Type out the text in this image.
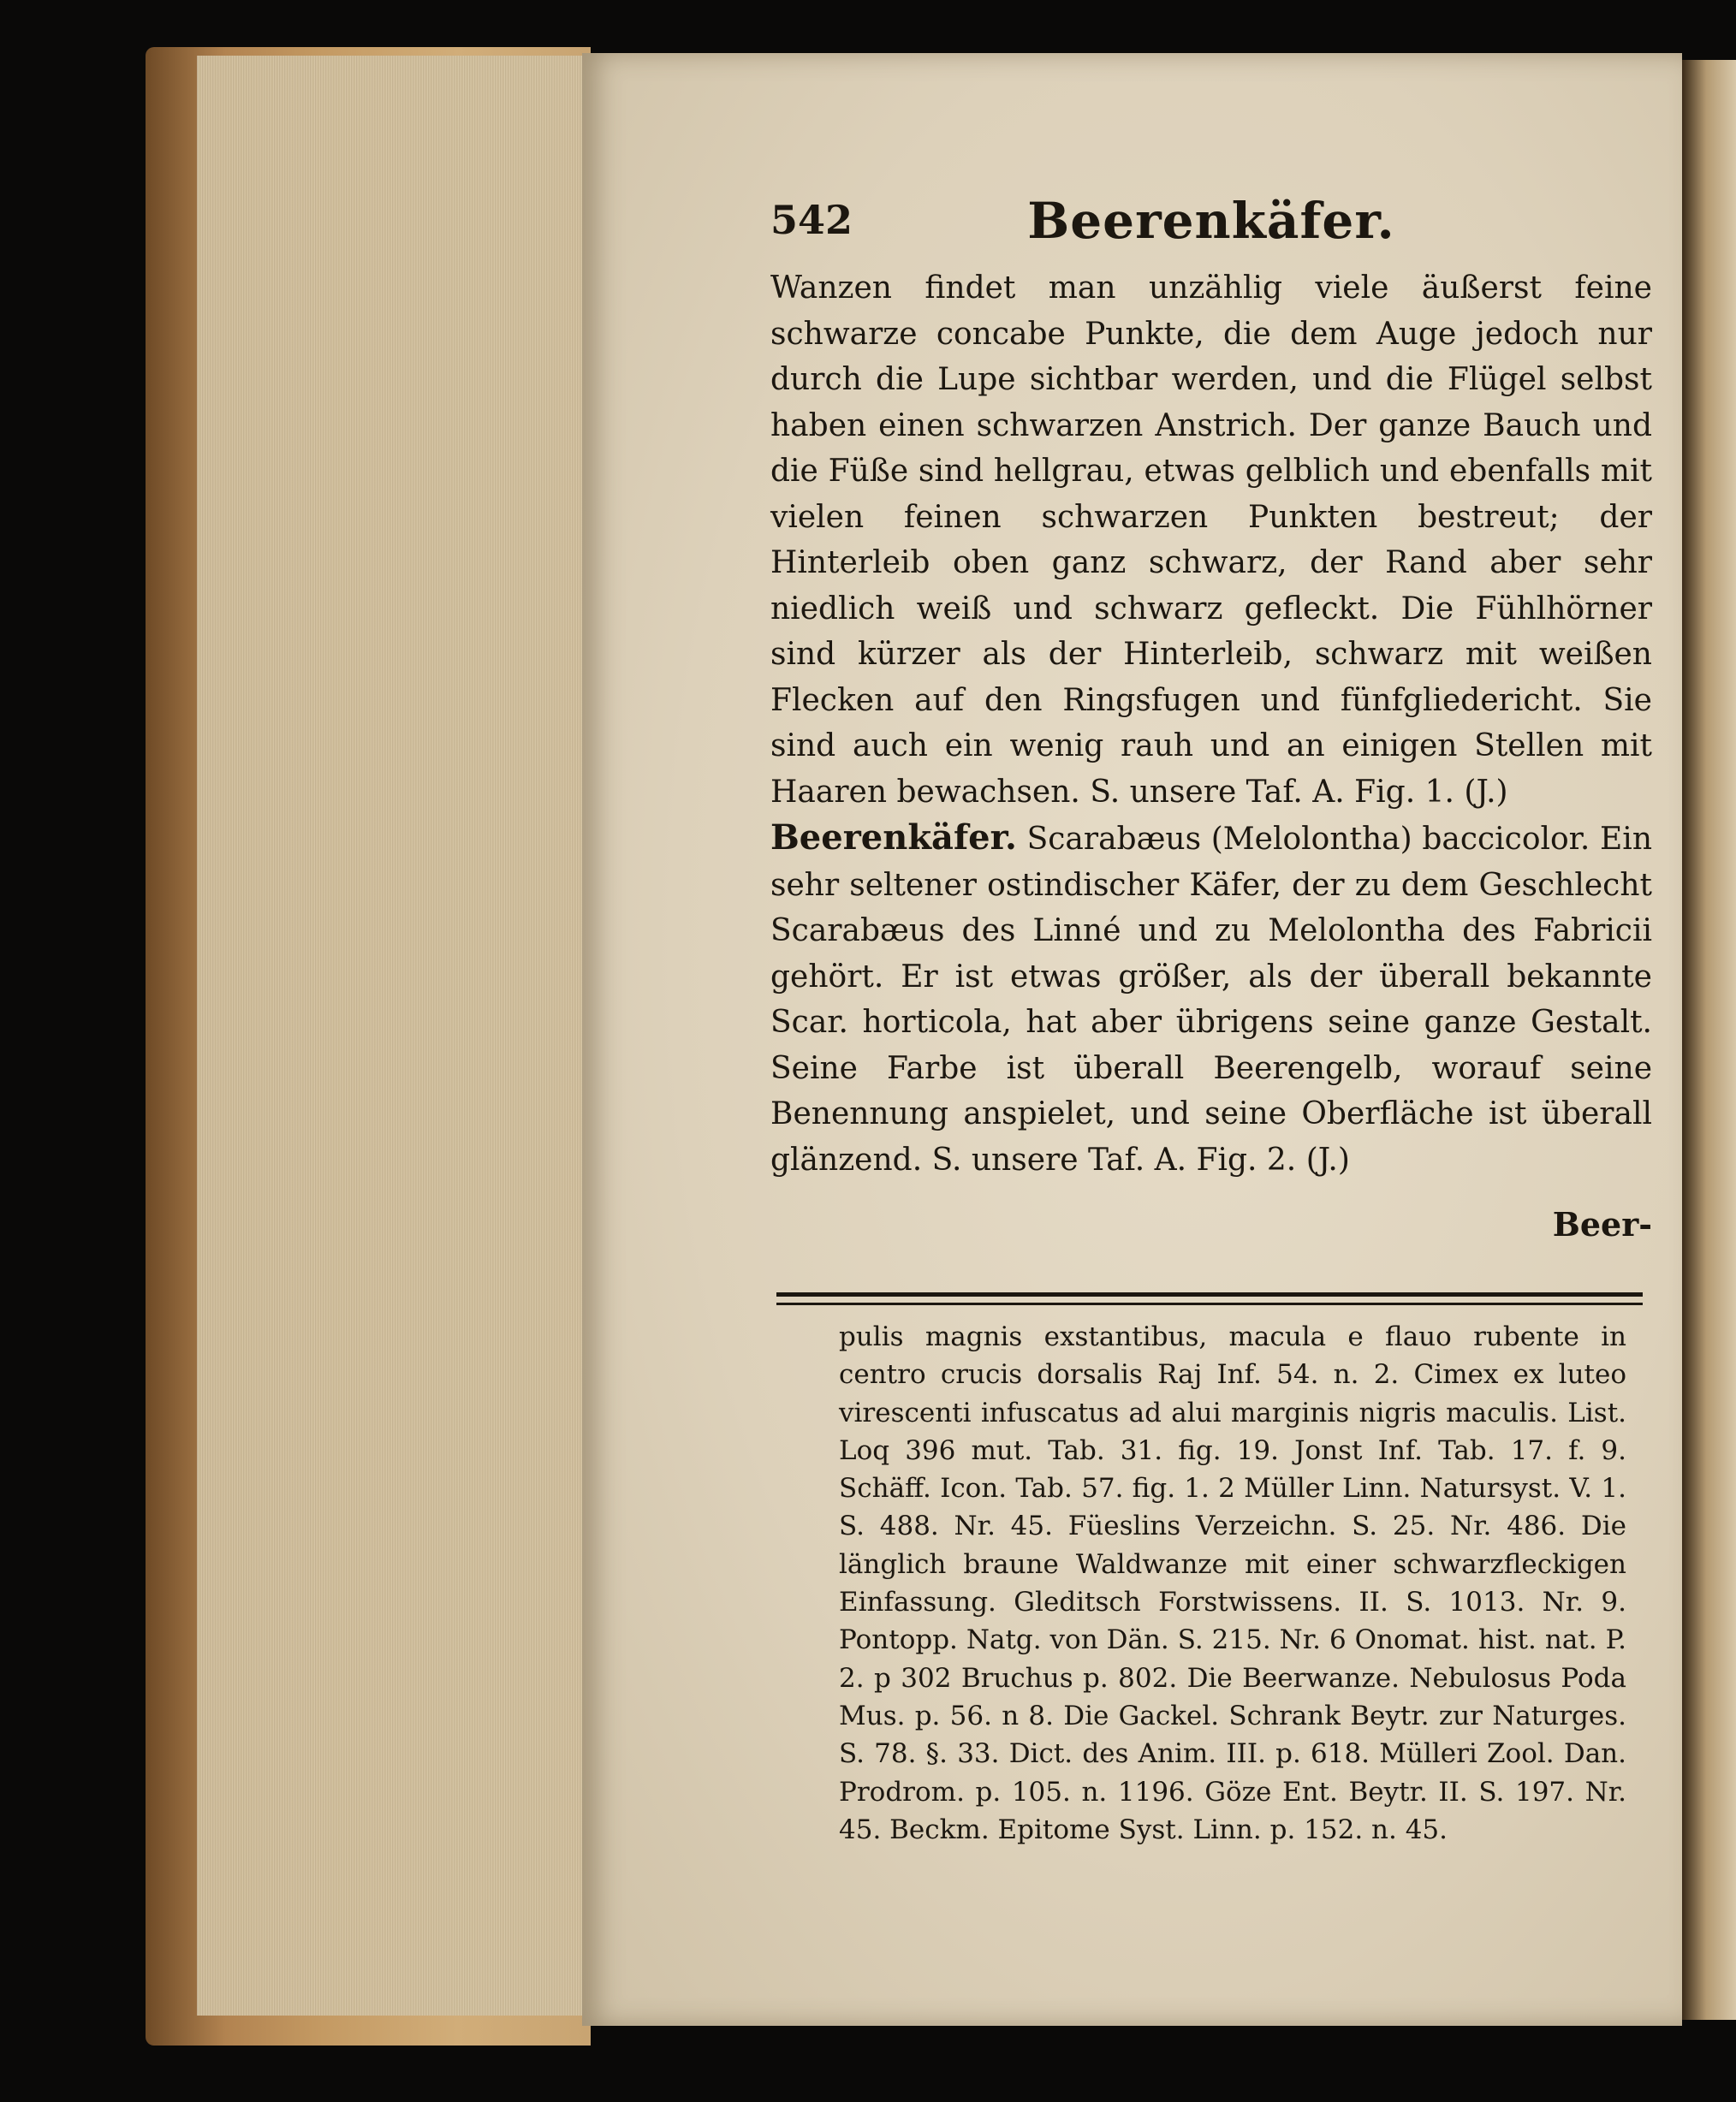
542	Beerenkäfer.

Wanzen findet man unzählig viele äußerst feine schwarze concabe Punkte, die dem Auge jedoch nur durch die Lupe sichtbar werden, und die Flügel selbst haben einen schwarzen Anstrich. Der ganze Bauch und die Füße sind hellgrau, etwas gelblich und ebenfalls mit vielen feinen schwarzen Punkten bestreut; der Hinterleib oben ganz schwarz, der Rand aber sehr niedlich weiß und schwarz gefleckt. Die Fühlhörner sind kürzer als der Hinterleib, schwarz mit weißen Flecken auf den Ringsfugen und fünfgliedericht. Sie sind auch ein wenig rauh und an einigen Stellen mit Haaren bewachsen. S. unsere Taf. A. Fig. 1. (J.)

Beerenkäfer. Scarabæus (Melolontha) baccicolor. Ein sehr seltener ostindischer Käfer, der zu dem Geschlecht Scarabæus des Linné und zu Melolontha des Fabricii gehört. Er ist etwas größer, als der überall bekannte Scar. horticola, hat aber übrigens seine ganze Gestalt. Seine Farbe ist überall Beerengelb, worauf seine Benennung anspielet, und seine Oberfläche ist überall glänzend. S. unsere Taf. A. Fig. 2. (J.)

Beer-
pulis magnis exstantibus, macula e flauo rubente in centro crucis dorsalis Raj Inf. 54. n. 2. Cimex ex luteo virescenti infuscatus ad alui marginis nigris maculis. List. Loq 396 mut. Tab. 31. fig. 19. Jonst Inf. Tab. 17. f. 9. Schäff. Icon. Tab. 57. fig. 1. 2 Müller Linn. Natursyst. V. 1. S. 488. Nr. 45. Füeslins Verzeichn. S. 25. Nr. 486. Die länglich braune Waldwanze mit einer schwarzfleckigen Einfassung. Gleditsch Forstwissens. II. S. 1013. Nr. 9. Pontopp. Natg. von Dän. S. 215. Nr. 6 Onomat. hist. nat. P. 2. p 302 Bruchus p. 802. Die Beerwanze. Nebulosus Poda Mus. p. 56. n 8. Die Gackel. Schrank Beytr. zur Naturges. S. 78. §. 33. Dict. des Anim. III. p. 618. Mülleri Zool. Dan. Prodrom. p. 105. n. 1196. Göze Ent. Beytr. II. S. 197. Nr. 45. Beckm. Epitome Syst. Linn. p. 152. n. 45.
